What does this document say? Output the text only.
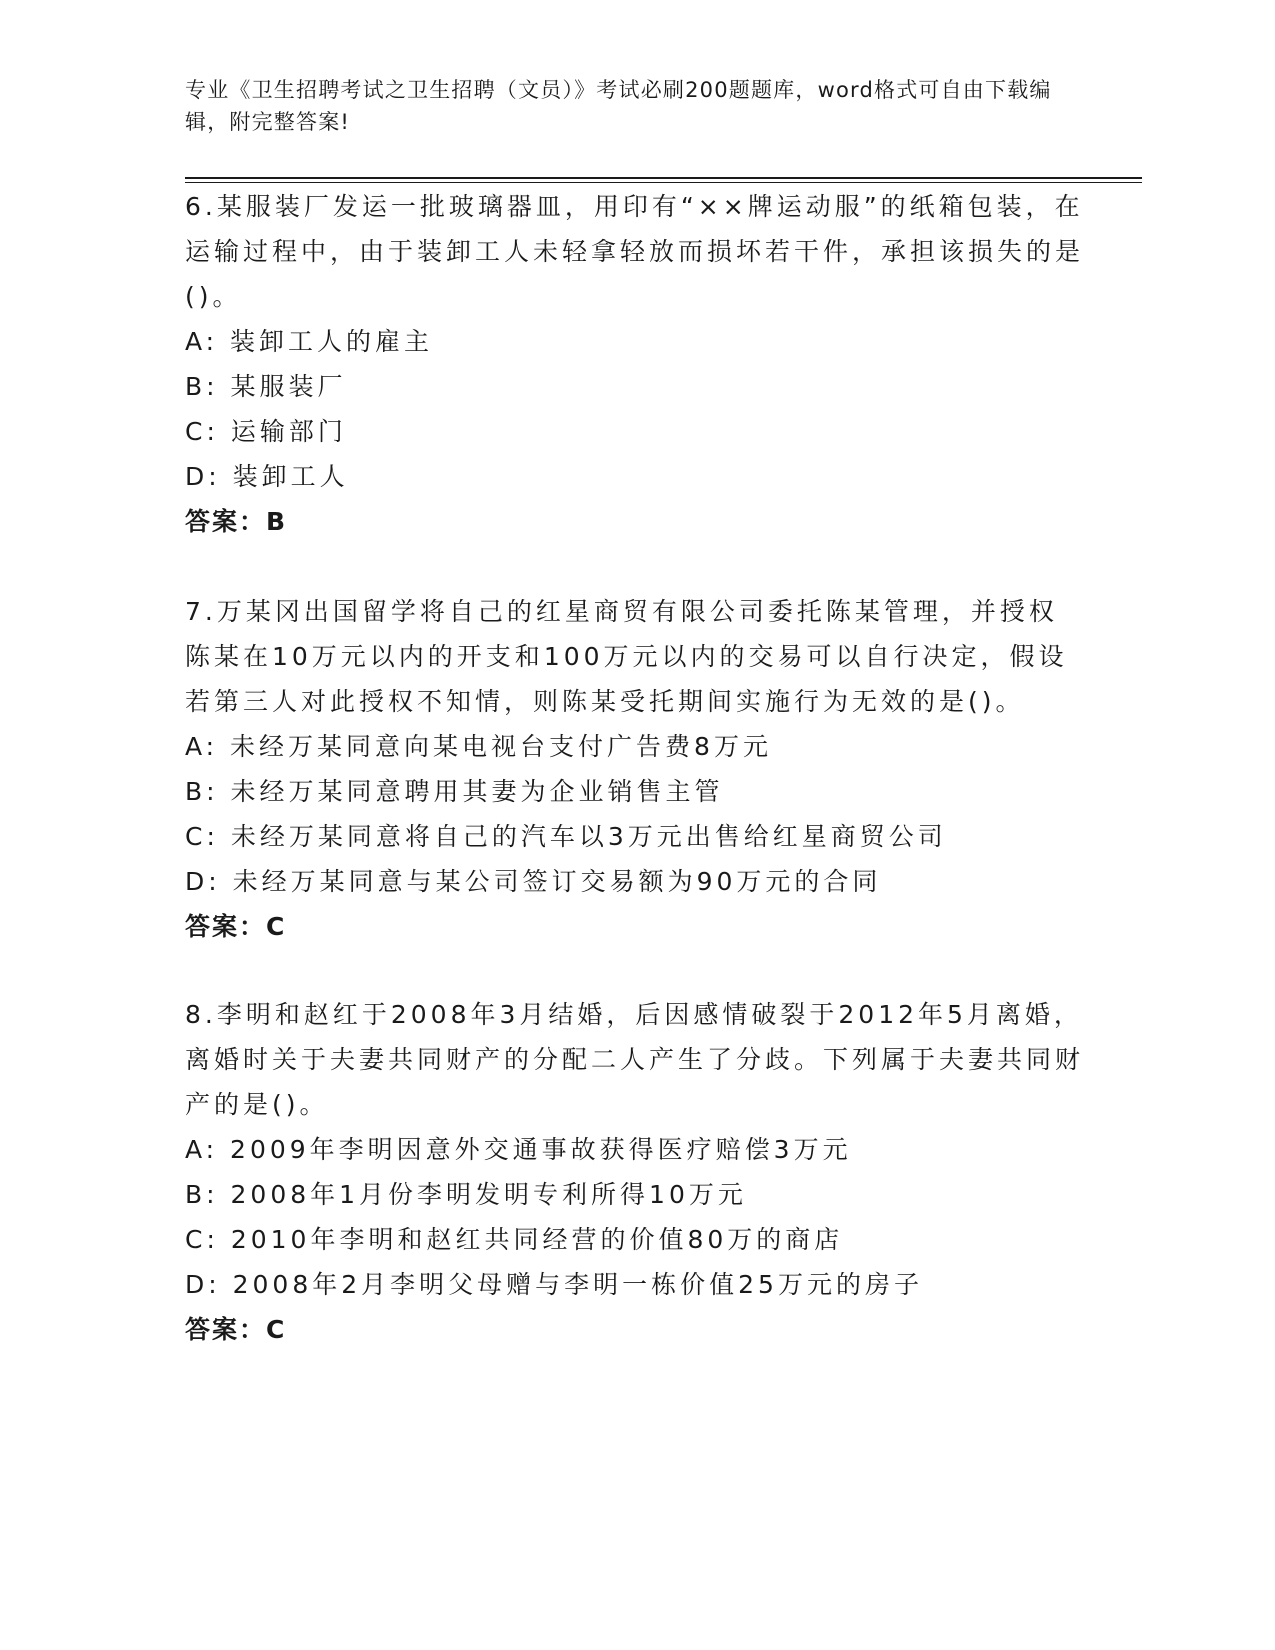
专业《卫生招聘考试之卫生招聘（文员）》考试必刷200题题库，word格式可自由下载编辑，附完整答案!
6.某服装厂发运一批玻璃器皿，用印有“××牌运动服”的纸箱包装，在运输过程中，由于装卸工人未轻拿轻放而损坏若干件，承担该损失的是()。
A: 装卸工人的雇主
B: 某服装厂
C: 运输部门
D: 装卸工人
答案：B
7.万某冈出国留学将自己的红星商贸有限公司委托陈某管理，并授权陈某在10万元以内的开支和100万元以内的交易可以自行决定，假设若第三人对此授权不知情，则陈某受托期间实施行为无效的是()。
A: 未经万某同意向某电视台支付广告费8万元
B: 未经万某同意聘用其妻为企业销售主管
C: 未经万某同意将自己的汽车以3万元出售给红星商贸公司
D: 未经万某同意与某公司签订交易额为90万元的合同
答案：C
8.李明和赵红于2008年3月结婚，后因感情破裂于2012年5月离婚，离婚时关于夫妻共同财产的分配二人产生了分歧。下列属于夫妻共同财产的是()。
A: 2009年李明因意外交通事故获得医疗赔偿3万元
B: 2008年1月份李明发明专利所得10万元
C: 2010年李明和赵红共同经营的价值80万的商店
D: 2008年2月李明父母赠与李明一栋价值25万元的房子
答案：C
